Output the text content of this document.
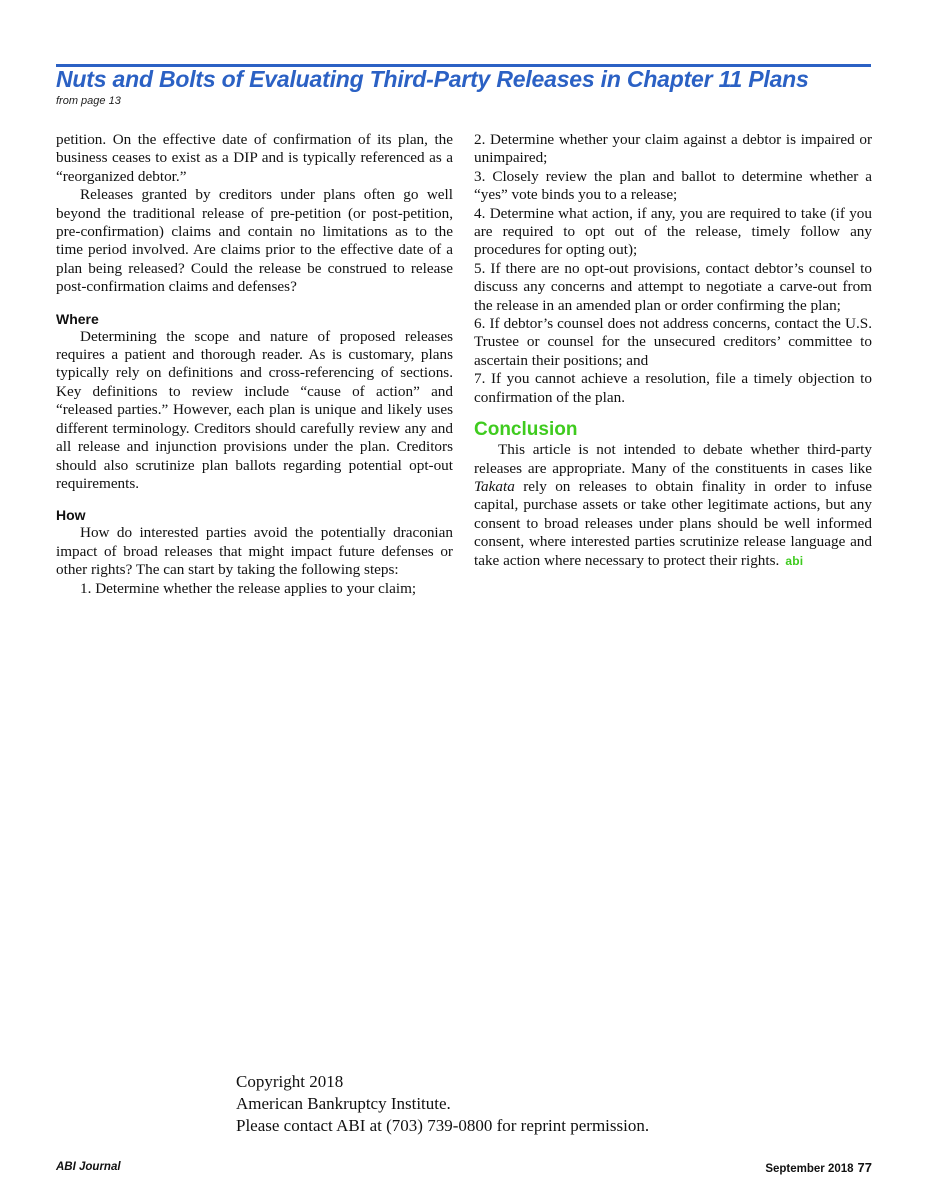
Nuts and Bolts of Evaluating Third-Party Releases in Chapter 11 Plans
from page 13

petition. On the effective date of confirmation of its plan, the business ceases to exist as a DIP and is typically referenced as a “reorganized debtor.”

Releases granted by creditors under plans often go well beyond the traditional release of pre-petition (or post-petition, pre-confirmation) claims and contain no limitations as to the time period involved. Are claims prior to the effective date of a plan being released? Could the release be construed to release post-confirmation claims and defenses?

Where

Determining the scope and nature of proposed releases requires a patient and thorough reader. As is customary, plans typically rely on definitions and cross-referencing of sections. Key definitions to review include “cause of action” and “released parties.” However, each plan is unique and likely uses different terminology. Creditors should carefully review any and all release and injunction provisions under the plan. Creditors should also scrutinize plan ballots regarding potential opt-out requirements.

How

How do interested parties avoid the potentially draconian impact of broad releases that might impact future defenses or other rights? The can start by taking the following steps:

1. Determine whether the release applies to your claim;

2. Determine whether your claim against a debtor is impaired or unimpaired;
3. Closely review the plan and ballot to determine whether a “yes” vote binds you to a release;
4. Determine what action, if any, you are required to take (if you are required to opt out of the release, timely follow any procedures for opting out);
5. If there are no opt-out provisions, contact debtor’s counsel to discuss any concerns and attempt to negotiate a carve-out from the release in an amended plan or order confirming the plan;
6. If debtor’s counsel does not address concerns, contact the U.S. Trustee or counsel for the unsecured creditors’ committee to ascertain their positions; and
7. If you cannot achieve a resolution, file a timely objection to confirmation of the plan.
Conclusion

This article is not intended to debate whether third-party releases are appropriate. Many of the constituents in cases like Takata rely on releases to obtain finality in order to infuse capital, purchase assets or take other legitimate actions, but any consent to broad releases under plans should be well informed consent, where interested parties scrutinize release language and take action where necessary to protect their rights. abi

Copyright 2018
American Bankruptcy Institute.
Please contact ABI at (703) 739-0800 for reprint permission.
ABI Journal	September 2018 77
